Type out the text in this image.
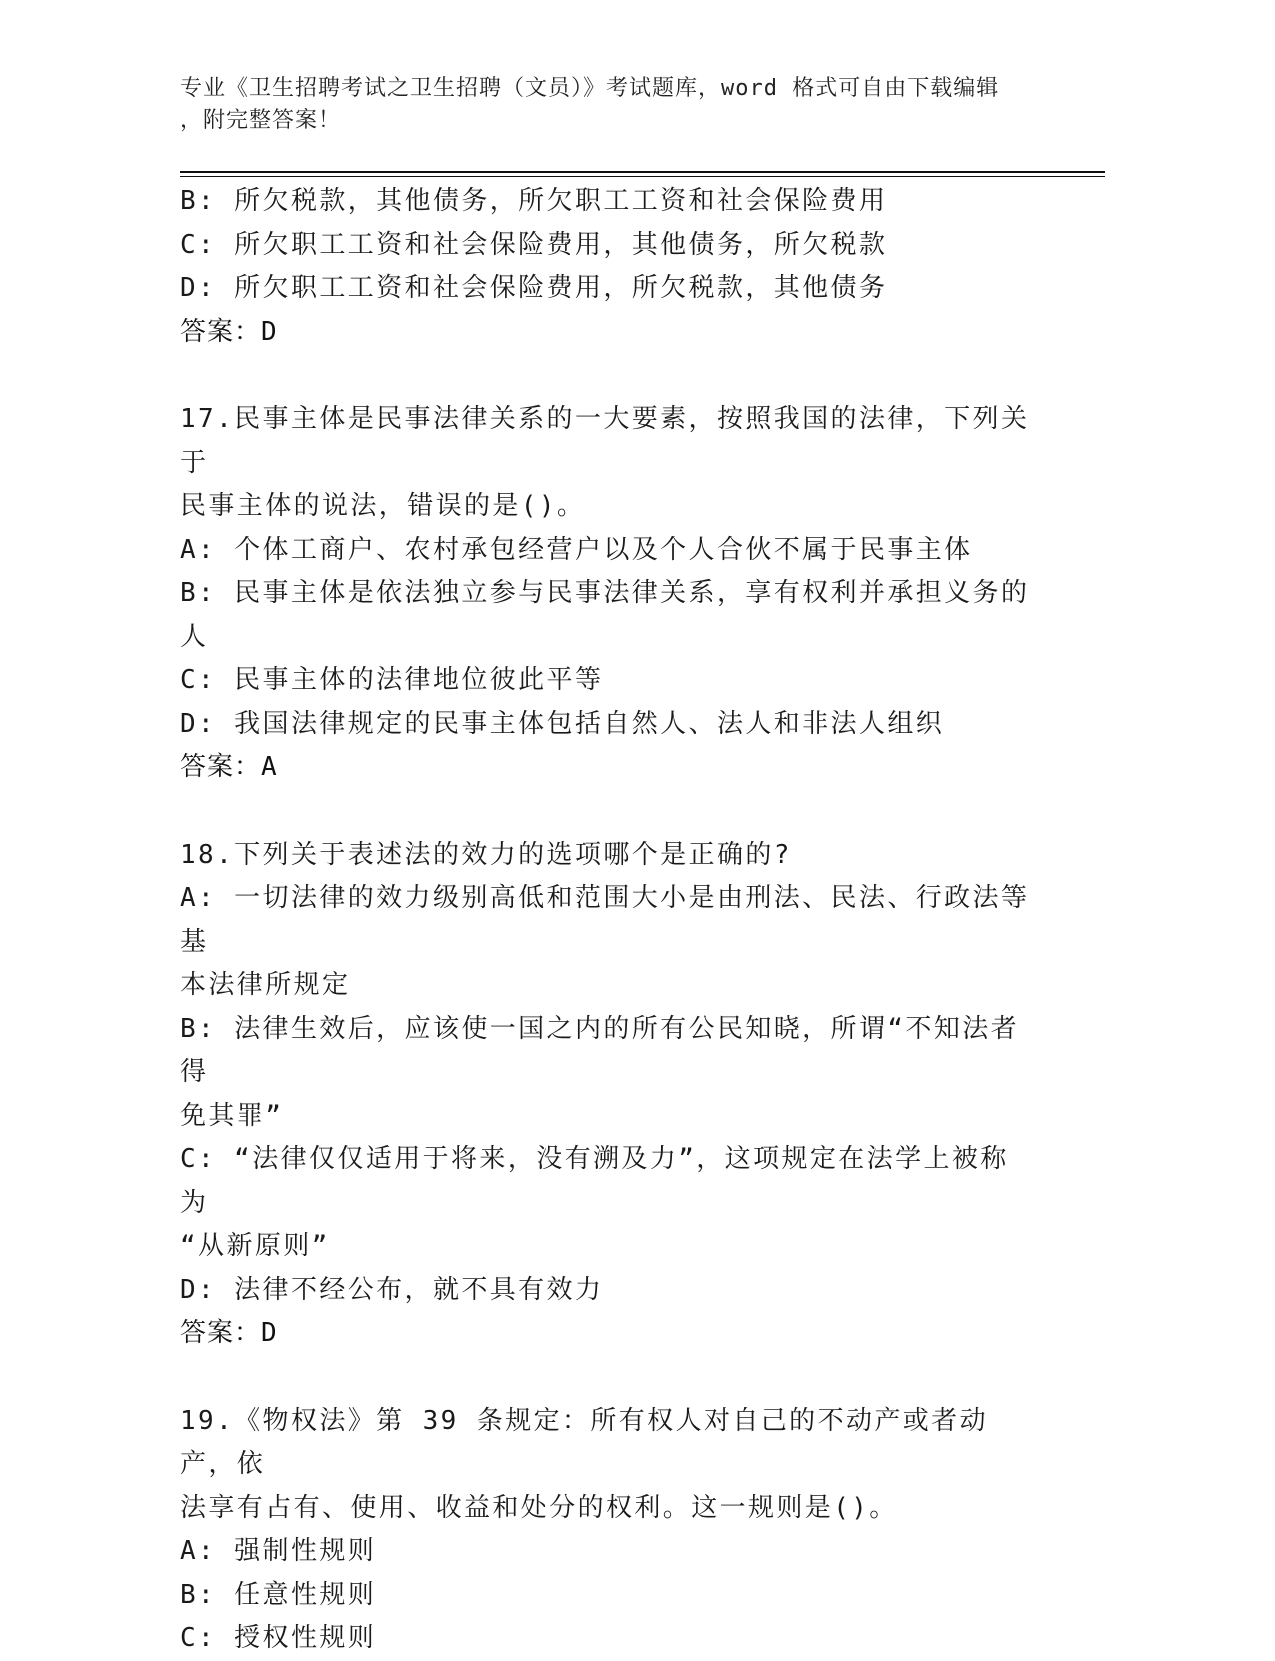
专业《卫生招聘考试之卫生招聘（文员）》考试题库，word 格式可自由下载编辑
，附完整答案！
B: 所欠税款，其他债务，所欠职工工资和社会保险费用
C: 所欠职工工资和社会保险费用，其他债务，所欠税款
D: 所欠职工工资和社会保险费用，所欠税款，其他债务
答案：D
17.民事主体是民事法律关系的一大要素，按照我国的法律，下列关于
民事主体的说法，错误的是()。
A: 个体工商户、农村承包经营户以及个人合伙不属于民事主体
B: 民事主体是依法独立参与民事法律关系，享有权利并承担义务的人
C: 民事主体的法律地位彼此平等
D: 我国法律规定的民事主体包括自然人、法人和非法人组织
答案：A
18.下列关于表述法的效力的选项哪个是正确的?
A: 一切法律的效力级别高低和范围大小是由刑法、民法、行政法等基
本法律所规定
B: 法律生效后，应该使一国之内的所有公民知晓，所谓“不知法者得
免其罪”
C: “法律仅仅适用于将来，没有溯及力”，这项规定在法学上被称为
“从新原则”
D: 法律不经公布，就不具有效力
答案：D
19.《物权法》第 39 条规定：所有权人对自己的不动产或者动产，依
法享有占有、使用、收益和处分的权利。这一规则是()。
A: 强制性规则
B: 任意性规则
C: 授权性规则
